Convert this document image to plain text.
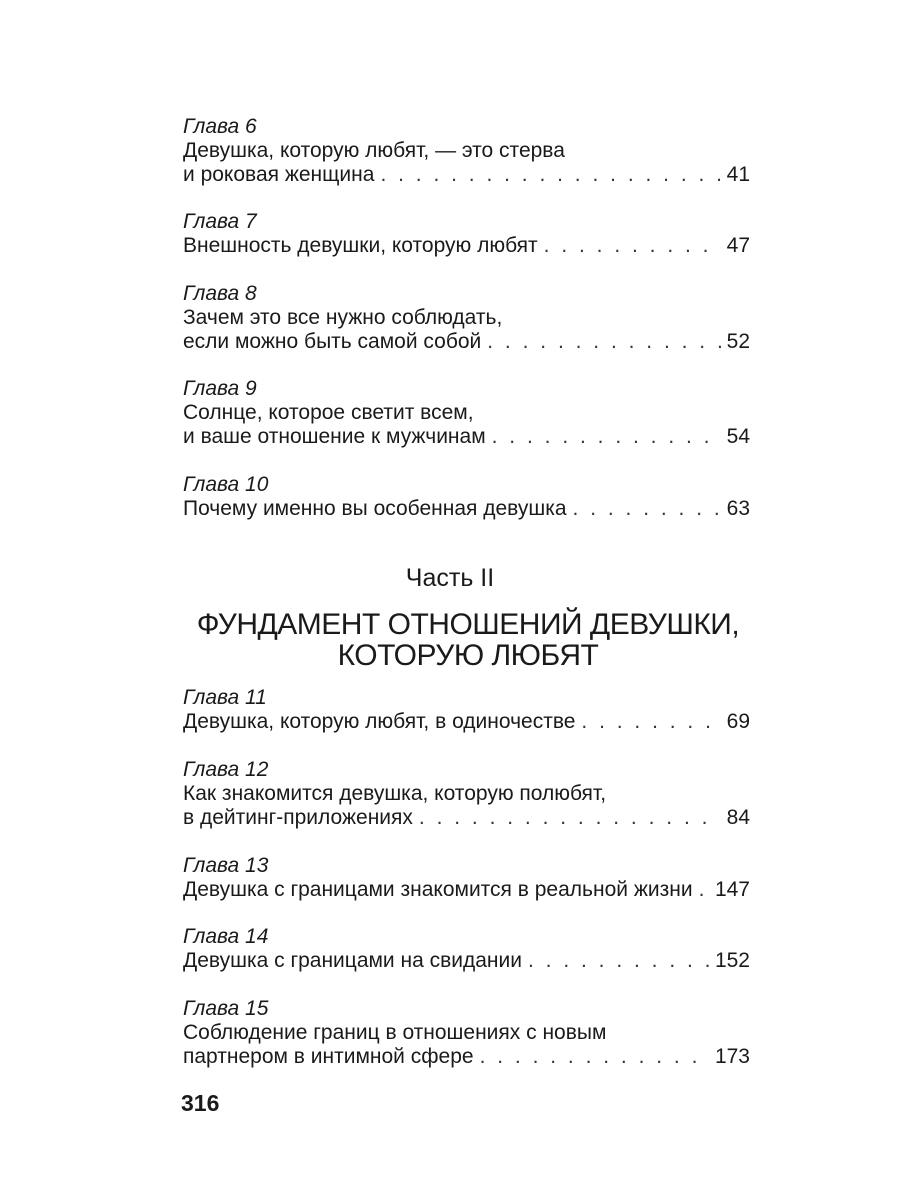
Глава 6
Девушка, которую любят, — это стерва
и роковая женщина . . .	41
Глава 7
Внешность девушки, которую любят . . .	47
Глава 8
Зачем это все нужно соблюдать,
если можно быть самой собой . . .	52
Глава 9
Солнце, которое светит всем,
и ваше отношение к мужчинам . . .	54
Глава 10
Почему именно вы особенная девушка . . .	63
Часть II
ФУНДАМЕНТ ОТНОШЕНИЙ ДЕВУШКИ,
КОТОРУЮ ЛЮБЯТ
Глава 11
Девушка, которую любят, в одиночестве . . .	69
Глава 12
Как знакомится девушка, которую полюбят,
в дейтинг-приложениях . . .	84
Глава 13
Девушка с границами знакомится в реальной жизни . . . 147
Глава 14
Девушка с границами на свидании . . .	152
Глава 15
Соблюдение границ в отношениях с новым
партнером в интимной сфере . . .	173
316
